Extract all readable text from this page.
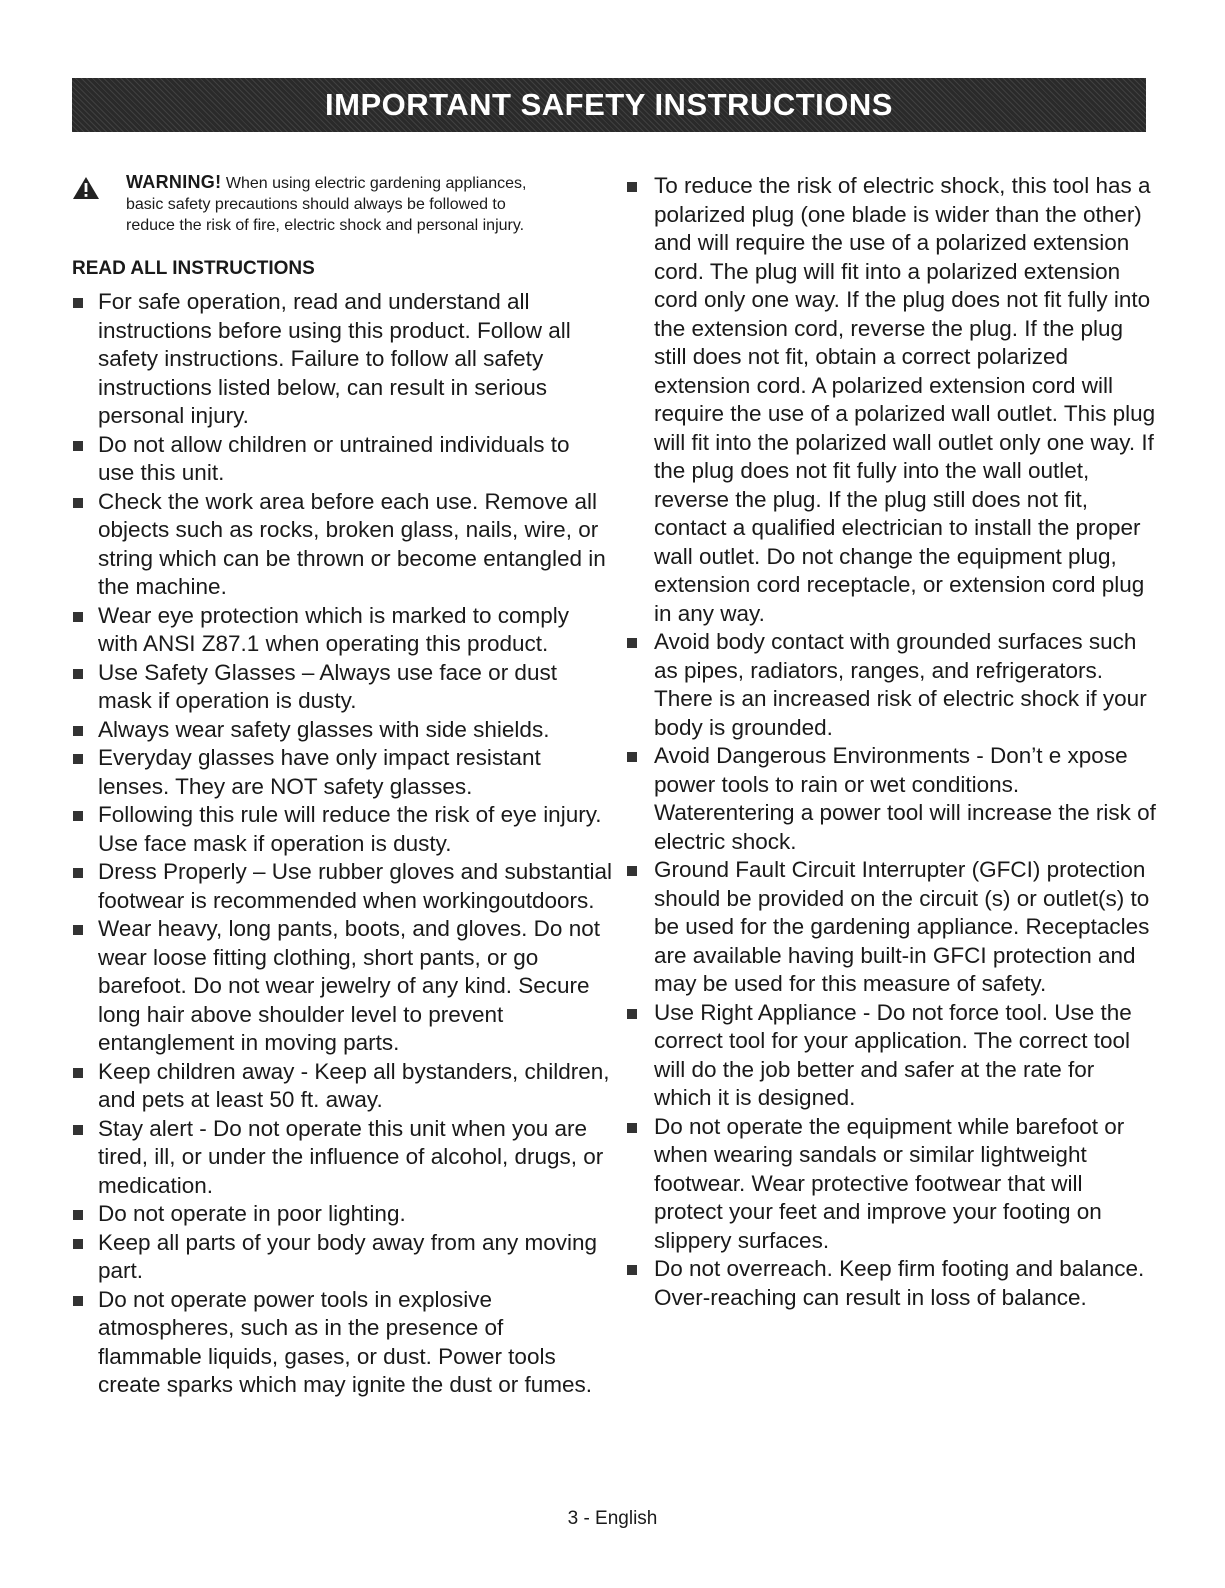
IMPORTANT SAFETY INSTRUCTIONS
WARNING! When using electric gardening appliances, basic safety precautions should always be followed to reduce the risk of fire, electric shock and personal injury.
READ ALL INSTRUCTIONS
For safe operation, read and understand all instructions before using this product. Follow all safety instructions. Failure to follow all safety instructions listed below, can result in serious personal injury.
Do not allow children or untrained individuals to use this unit.
Check the work area before each use. Remove all objects such as rocks, broken glass, nails, wire, or string which can be thrown or become entangled in the machine.
Wear eye protection which is marked to comply with ANSI Z87.1 when operating this product.
Use Safety Glasses – Always use face or dust mask if operation is dusty.
Always wear safety glasses with side shields.
Everyday glasses have only impact resistant lenses. They are NOT safety glasses.
Following this rule will reduce the risk of eye injury. Use face mask if operation is dusty.
Dress Properly – Use rubber gloves and substantial footwear is recommended when workingoutdoors.
Wear heavy, long pants, boots, and gloves. Do not wear loose fitting clothing, short pants, or go barefoot. Do not wear jewelry of any kind. Secure long hair above shoulder level to prevent entanglement in moving parts.
Keep children away - Keep all bystanders, children, and pets at least 50 ft. away.
Stay alert - Do not operate this unit when you are tired, ill, or under the influence of alcohol, drugs, or medication.
Do not operate in poor lighting.
Keep all parts of your body away from any moving part.
Do not operate power tools in explosive atmospheres, such as in the presence of flammable liquids, gases, or dust. Power tools create sparks which may ignite the dust or fumes.
To reduce the risk of electric shock, this tool has a polarized plug (one blade is wider than the other) and will require the use of a polarized extension cord. The plug will fit into a polarized extension cord only one way. If the plug does not fit fully into the extension cord, reverse the plug. If the plug still does not fit, obtain a correct polarized extension cord. A polarized extension cord will require the use of a polarized wall outlet. This plug will fit into the polarized wall outlet only one way. If the plug does not fit fully into the wall outlet, reverse the plug. If the plug still does not fit, contact a qualified electrician to install the proper wall outlet. Do not change the equipment plug, extension cord receptacle, or extension cord plug in any way.
Avoid body contact with grounded surfaces such as pipes, radiators, ranges, and refrigerators. There is an increased risk of electric shock if your body is grounded.
Avoid Dangerous Environments - Don’t e xpose power tools to rain or wet conditions. Waterentering a power tool will increase the risk of electric shock.
Ground Fault Circuit Interrupter (GFCI) protection should be provided on the circuit (s) or outlet(s) to be used for the gardening appliance. Receptacles are available having built-in GFCI protection and may be used for this measure of safety.
Use Right Appliance - Do not force tool. Use the correct tool for your application. The correct tool will do the job better and safer at the rate for which it is designed.
Do not operate the equipment while barefoot or when wearing sandals or similar lightweight footwear. Wear protective footwear that will protect your feet and improve your footing on slippery surfaces.
Do not overreach. Keep firm footing and balance. Over-reaching can result in loss of balance.
3 - English
